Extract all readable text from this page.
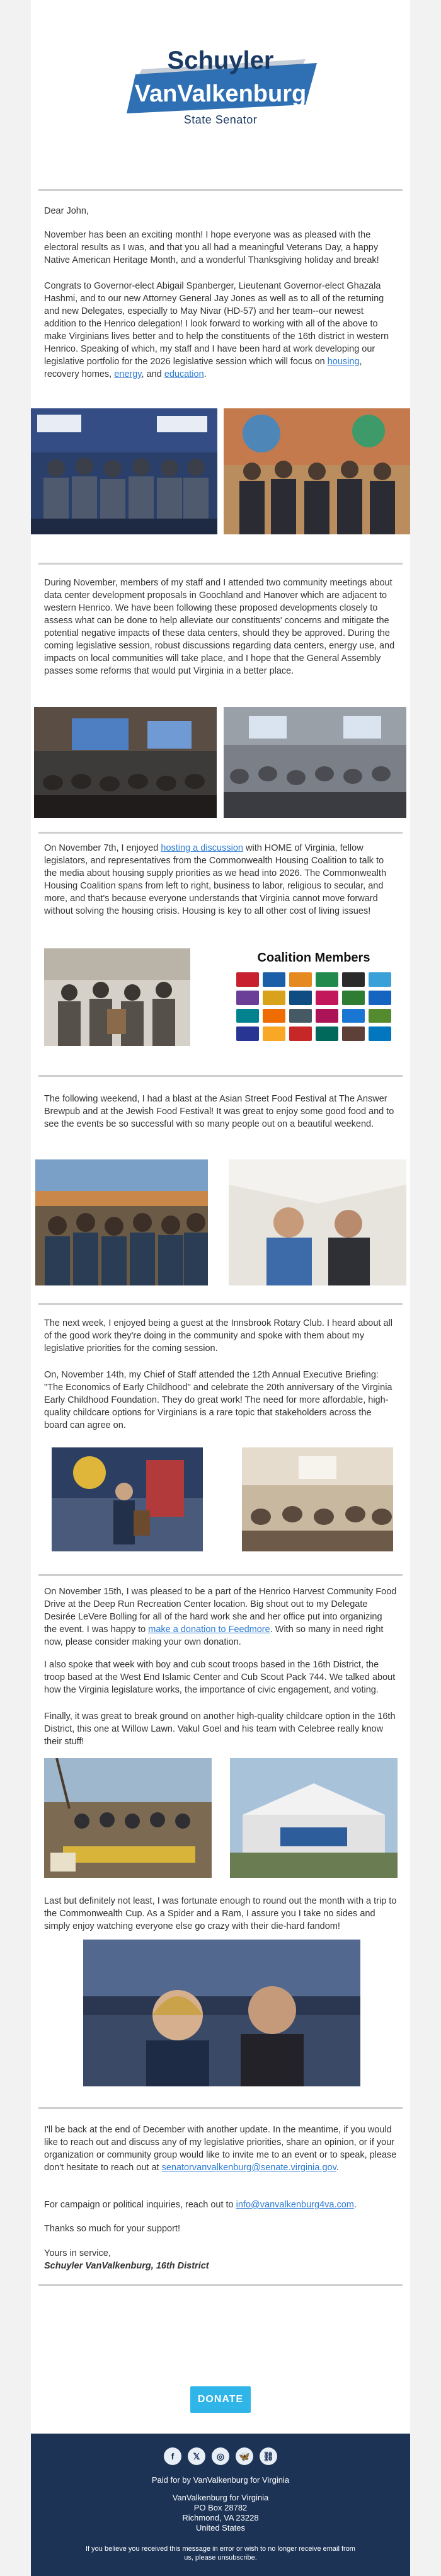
Schuyler
VanValkenburg
State Senator

Dear John,

November has been an exciting month! I hope everyone was as pleased with the electoral results as I was, and that you all had a meaningful Veterans Day, a happy Native American Heritage Month, and a wonderful Thanksgiving holiday and break!

Congrats to Governor-elect Abigail Spanberger, Lieutenant Governor-elect Ghazala Hashmi, and to our new Attorney General Jay Jones as well as to all of the returning and new Delegates, especially to May Nivar (HD-57) and her team--our newest addition to the Henrico delegation! I look forward to working with all of the above to make Virginians lives better and to help the constituents of the 16th district in western Henrico. Speaking of which, my staff and I have been hard at work developing our legislative portfolio for the 2026 legislative session which will focus on housing, recovery homes, energy, and education.

During November, members of my staff and I attended two community meetings about data center development proposals in Goochland and Hanover which are adjacent to western Henrico. We have been following these proposed developments closely to assess what can be done to help alleviate our constituents' concerns and mitigate the potential negative impacts of these data centers, should they be approved. During the coming legislative session, robust discussions regarding data centers, energy use, and impacts on local communities will take place, and I hope that the General Assembly passes some reforms that would put Virginia in a better place.

On November 7th, I enjoyed hosting a discussion with HOME of Virginia, fellow legislators, and representatives from the Commonwealth Housing Coalition to talk to the media about housing supply priorities as we head into 2026. The Commonwealth Housing Coalition spans from left to right, business to labor, religious to secular, and more, and that's because everyone understands that Virginia cannot move forward without solving the housing crisis. Housing is key to all other cost of living issues!

Coalition Members

The following weekend, I had a blast at the Asian Street Food Festival at The Answer Brewpub and at the Jewish Food Festival! It was great to enjoy some good food and to see the events be so successful with so many people out on a beautiful weekend.

The next week, I enjoyed being a guest at the Innsbrook Rotary Club. I heard about all of the good work they're doing in the community and spoke with them about my legislative priorities for the coming session.

On, November 14th, my Chief of Staff attended the 12th Annual Executive Briefing: "The Economics of Early Childhood" and celebrate the 20th anniversary of the Virginia Early Childhood Foundation. They do great work! The need for more affordable, high-quality childcare options for Virginians is a rare topic that stakeholders across the board can agree on.

On November 15th, I was pleased to be a part of the Henrico Harvest Community Food Drive at the Deep Run Recreation Center location. Big shout out to my Delegate Desirée LeVere Bolling for all of the hard work she and her office put into organizing the event. I was happy to make a donation to Feedmore. With so many in need right now, please consider making your own donation.

I also spoke that week with boy and cub scout troops based in the 16th District, the troop based at the West End Islamic Center and Cub Scout Pack 744. We talked about how the Virginia legislature works, the importance of civic engagement, and voting.

Finally, it was great to break ground on another high-quality childcare option in the 16th District, this one at Willow Lawn. Vakul Goel and his team with Celebree really know their stuff!

Last but definitely not least, I was fortunate enough to round out the month with a trip to the Commonwealth Cup. As a Spider and a Ram, I assure you I take no sides and simply enjoy watching everyone else go crazy with their die-hard fandom!

I'll be back at the end of December with another update. In the meantime, if you would like to reach out and discuss any of my legislative priorities, share an opinion, or if your organization or community group would like to invite me to an event or to speak, please don't hesitate to reach out at senatorvanvalkenburg@senate.virginia.gov.

For campaign or political inquiries, reach out to info@vanvalkenburg4va.com.

Thanks so much for your support!

Yours in service,

Schuyler VanValkenburg, 16th District

DONATE
f	𝕏	◎	🦋	⛓
Paid for by VanValkenburg for Virginia
VanValkenburg for Virginia
PO Box 28782
Richmond, VA 23228
United States
If you believe you received this message in error or wish to no longer receive email from us, please unsubscribe.
